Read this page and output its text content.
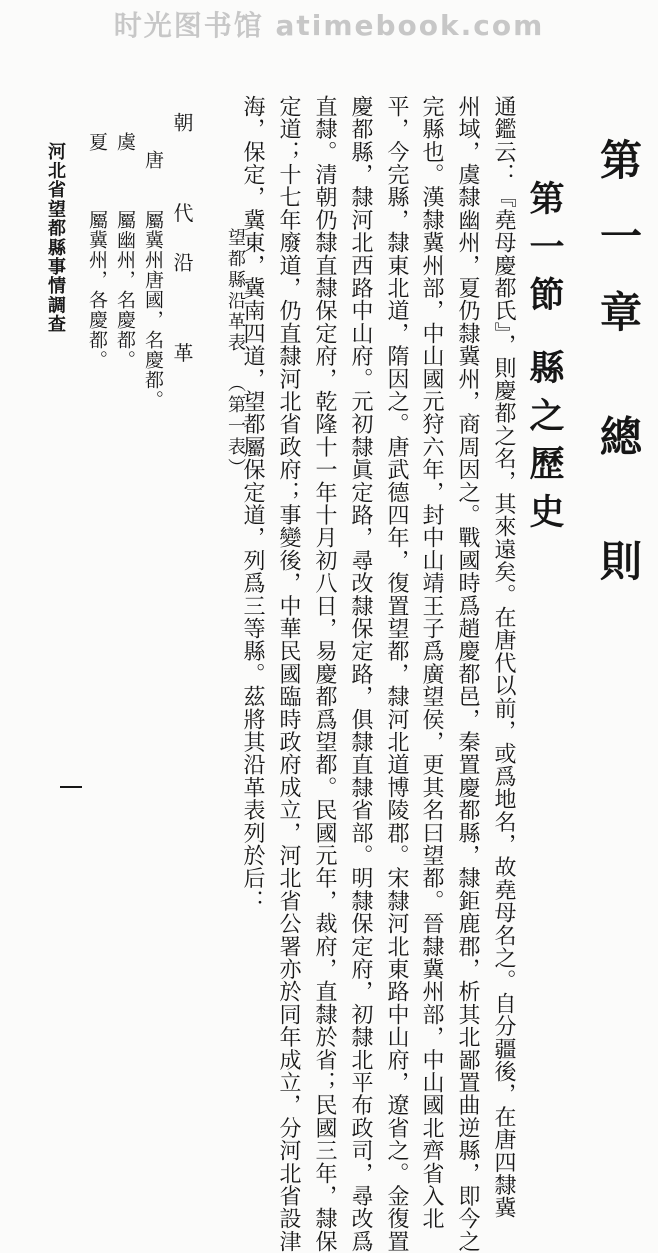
时光图书馆 atimebook.com
第一章 總 則
第一節 縣之歷史
通鑑云：『堯母慶都氏』，則慶都之名，其來遠矣。在唐代以前，或爲地名，故堯母名之。自分疆後，在唐四隸冀
州域，虞隸幽州，夏仍隸冀州，商周因之。戰國時爲趙慶都邑，秦置慶都縣，隸鉅鹿郡，析其北鄙置曲逆縣，即今之
完縣也。漢隸冀州部，中山國元狩六年，封中山靖王子爲廣望侯，更其名曰望都。晉隸冀州部，中山國北齊省入北
平，今完縣，隸東北道，隋因之。唐武德四年，復置望都，隸河北道博陵郡。宋隸河北東路中山府，遼省之。金復置
慶都縣，隸河北西路中山府。元初隸眞定路，尋改隸保定路，俱隸直隸省部。明隸保定府，初隸北平布政司，尋改爲
直隸。清朝仍隸直隸保定府，乾隆十一年十月初八日，易慶都爲望都。民國元年，裁府，直隸於省；民國三年，隸保
定道；十七年廢道，仍直隸河北省政府；事變後，中華民國臨時政府成立，河北省公署亦於同年成立，分河北省設津
海，保定，冀東，冀南四道，望都屬保定道，列爲三等縣。茲將其沿革表列於后：
望都縣沿革表（第一表）
朝 代
沿 革
唐
屬冀州唐國，名慶都。
虞
屬幽州，名慶都。
夏
屬冀州，各慶都。
河北省望都縣事情調查
